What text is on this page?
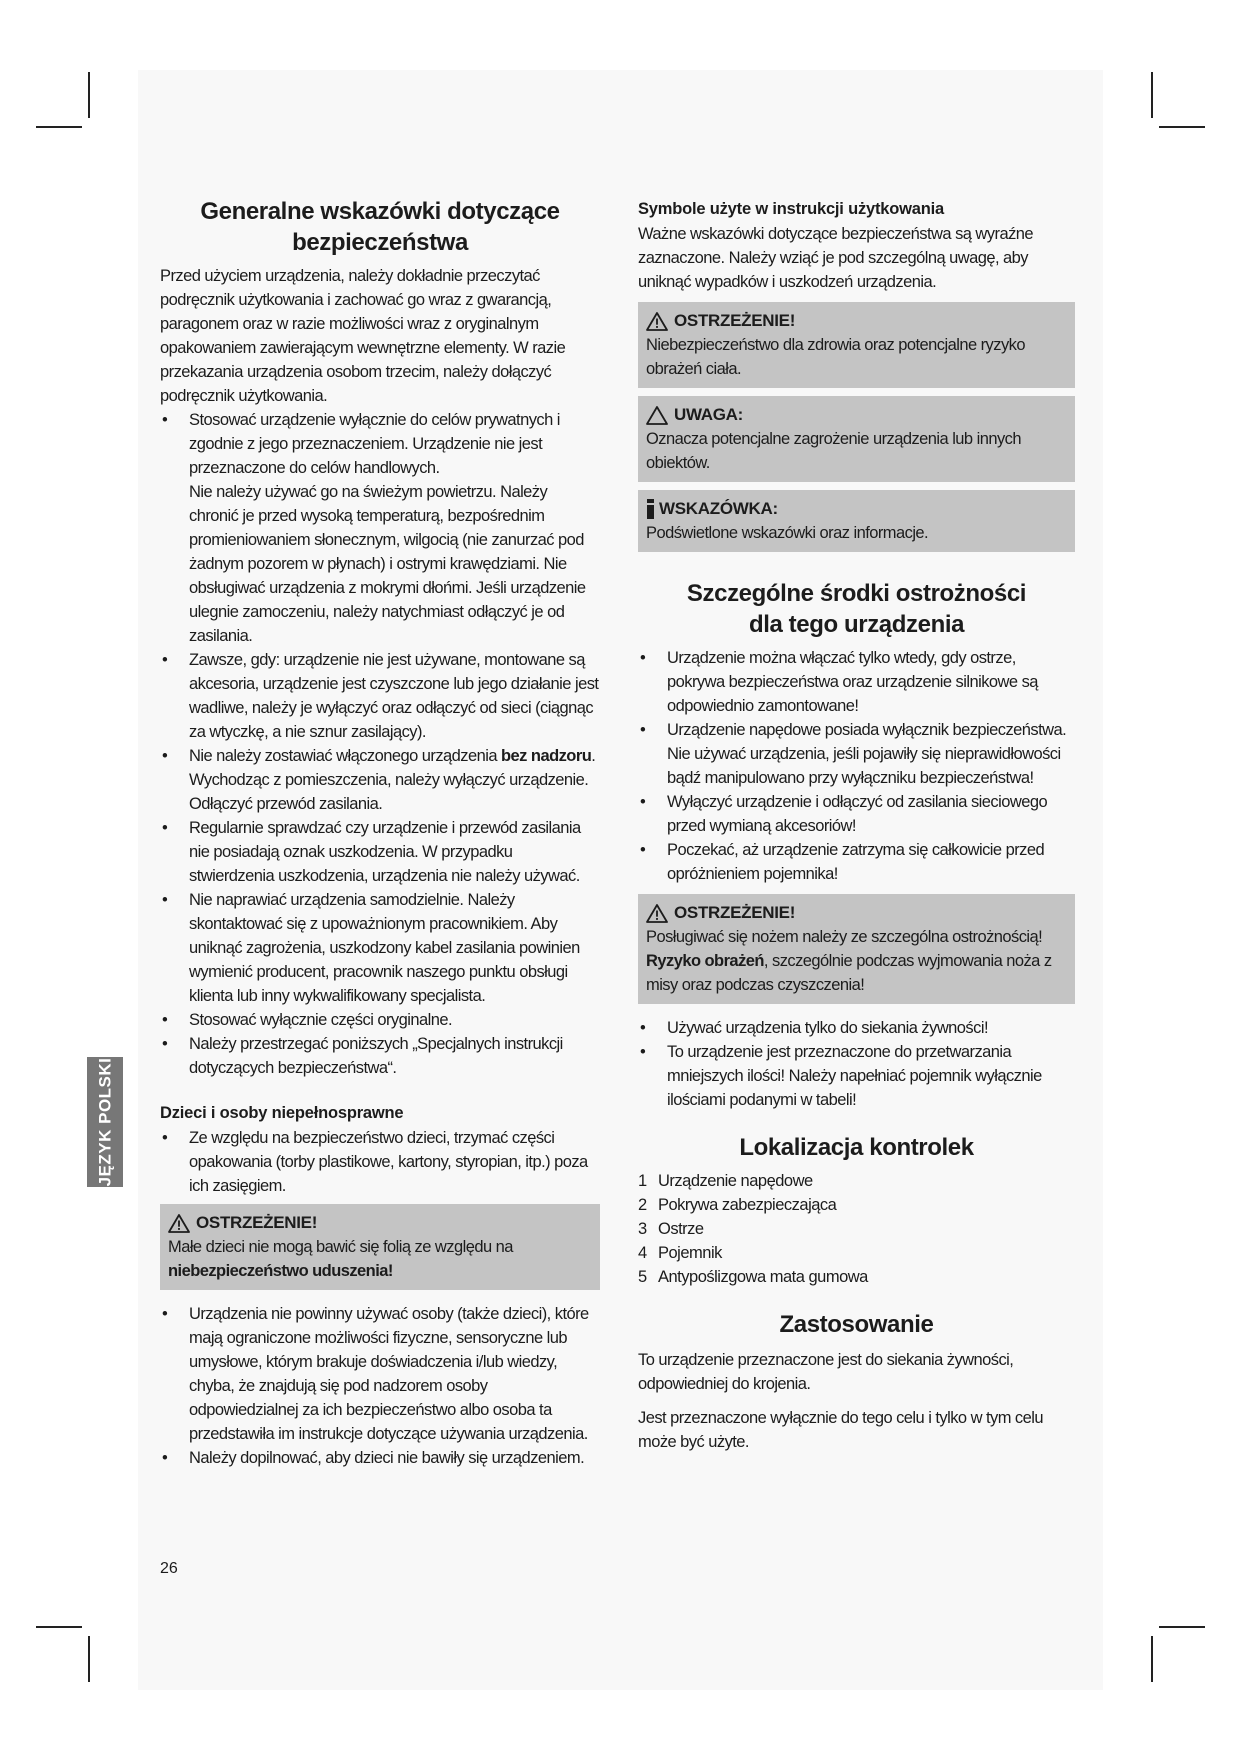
Generalne wskazówki dotyczące
bezpieczeństwa

Przed użyciem urządzenia, należy dokładnie przeczytać podręcznik użytkowania i zachować go wraz z gwarancją, paragonem oraz w razie możliwości wraz z oryginalnym opakowaniem zawierającym wewnętrzne elementy. W razie przekazania urządzenia osobom trzecim, należy dołączyć podręcznik użytkowania.

• Stosować urządzenie wyłącznie do celów prywatnych i zgodnie z jego przeznaczeniem. Urządzenie nie jest przeznaczone do celów handlowych.
Nie należy używać go na świeżym powietrzu. Należy chronić je przed wysoką temperaturą, bezpośrednim promieniowaniem słonecznym, wilgocią (nie zanurzać pod żadnym pozorem w płynach) i ostrymi krawędziami. Nie obsługiwać urządzenia z mokrymi dłońmi. Jeśli urządzenie ulegnie zamoczeniu, należy natychmiast odłączyć je od zasilania.
• Zawsze, gdy: urządzenie nie jest używane, montowane są akcesoria, urządzenie jest czyszczone lub jego działanie jest wadliwe, należy je wyłączyć oraz odłączyć od sieci (ciągnąc za wtyczkę, a nie sznur zasilający).
• Nie należy zostawiać włączonego urządzenia bez nadzoru. Wychodząc z pomieszczenia, należy wyłączyć urządzenie. Odłączyć przewód zasilania.
• Regularnie sprawdzać czy urządzenie i przewód zasilania nie posiadają oznak uszkodzenia. W przypadku stwierdzenia uszkodzenia, urządzenia nie należy używać.
• Nie naprawiać urządzenia samodzielnie. Należy skontaktować się z upoważnionym pracownikiem. Aby uniknąć zagrożenia, uszkodzony kabel zasilania powinien wymienić producent, pracownik naszego punktu obsługi klienta lub inny wykwalifikowany specjalista.
• Stosować wyłącznie części oryginalne.
• Należy przestrzegać poniższych „Specjalnych instrukcji dotyczących bezpieczeństwa“.
Dzieci i osoby niepełnosprawne
• Ze względu na bezpieczeństwo dzieci, trzymać części opakowania (torby plastikowe, kartony, styropian, itp.) poza ich zasięgiem.
OSTRZEŻENIE!
Małe dzieci nie mogą bawić się folią ze względu na niebezpieczeństwo uduszenia!
• Urządzenia nie powinny używać osoby (także dzieci), które mają ograniczone możliwości fizyczne, sensoryczne lub umysłowe, którym brakuje doświadczenia i/lub wiedzy, chyba, że znajdują się pod nadzorem osoby odpowiedzialnej za ich bezpieczeństwo albo osoba ta przedstawiła im instrukcje dotyczące używania urządzenia.
• Należy dopilnować, aby dzieci nie bawiły się urządzeniem.
Symbole użyte w instrukcji użytkowania

Ważne wskazówki dotyczące bezpieczeństwa są wyraźne zaznaczone. Należy wziąć je pod szczególną uwagę, aby uniknąć wypadków i uszkodzeń urządzenia.

OSTRZEŻENIE!
Niebezpieczeństwo dla zdrowia oraz potencjalne ryzyko obrażeń ciała.
UWAGA:
Oznacza potencjalne zagrożenie urządzenia lub innych obiektów.
WSKAZÓWKA:
Podświetlone wskazówki oraz informacje.
Szczególne środki ostrożności
dla tego urządzenia
• Urządzenie można włączać tylko wtedy, gdy ostrze, pokrywa bezpieczeństwa oraz urządzenie silnikowe są odpowiednio zamontowane!
• Urządzenie napędowe posiada wyłącznik bezpieczeństwa. Nie używać urządzenia, jeśli pojawiły się nieprawidłowości bądź manipulowano przy wyłączniku bezpieczeństwa!
• Wyłączyć urządzenie i odłączyć od zasilania sieciowego przed wymianą akcesoriów!
• Poczekać, aż urządzenie zatrzyma się całkowicie przed opróżnieniem pojemnika!
OSTRZEŻENIE!
Posługiwać się nożem należy ze szczególna ostrożnością! Ryzyko obrażeń, szczególnie podczas wyjmowania noża z misy oraz podczas czyszczenia!
• Używać urządzenia tylko do siekania żywności!
• To urządzenie jest przeznaczone do przetwarzania mniejszych ilości! Należy napełniać pojemnik wyłącznie ilościami podanymi w tabeli!
Lokalizacja kontrolek
1 Urządzenie napędowe
2 Pokrywa zabezpieczająca
3 Ostrze
4 Pojemnik
5 Antypoślizgowa mata gumowa
Zastosowanie

To urządzenie przeznaczone jest do siekania żywności, odpowiedniej do krojenia.

Jest przeznaczone wyłącznie do tego celu i tylko w tym celu może być użyte.

JĘZYK POLSKI
26
